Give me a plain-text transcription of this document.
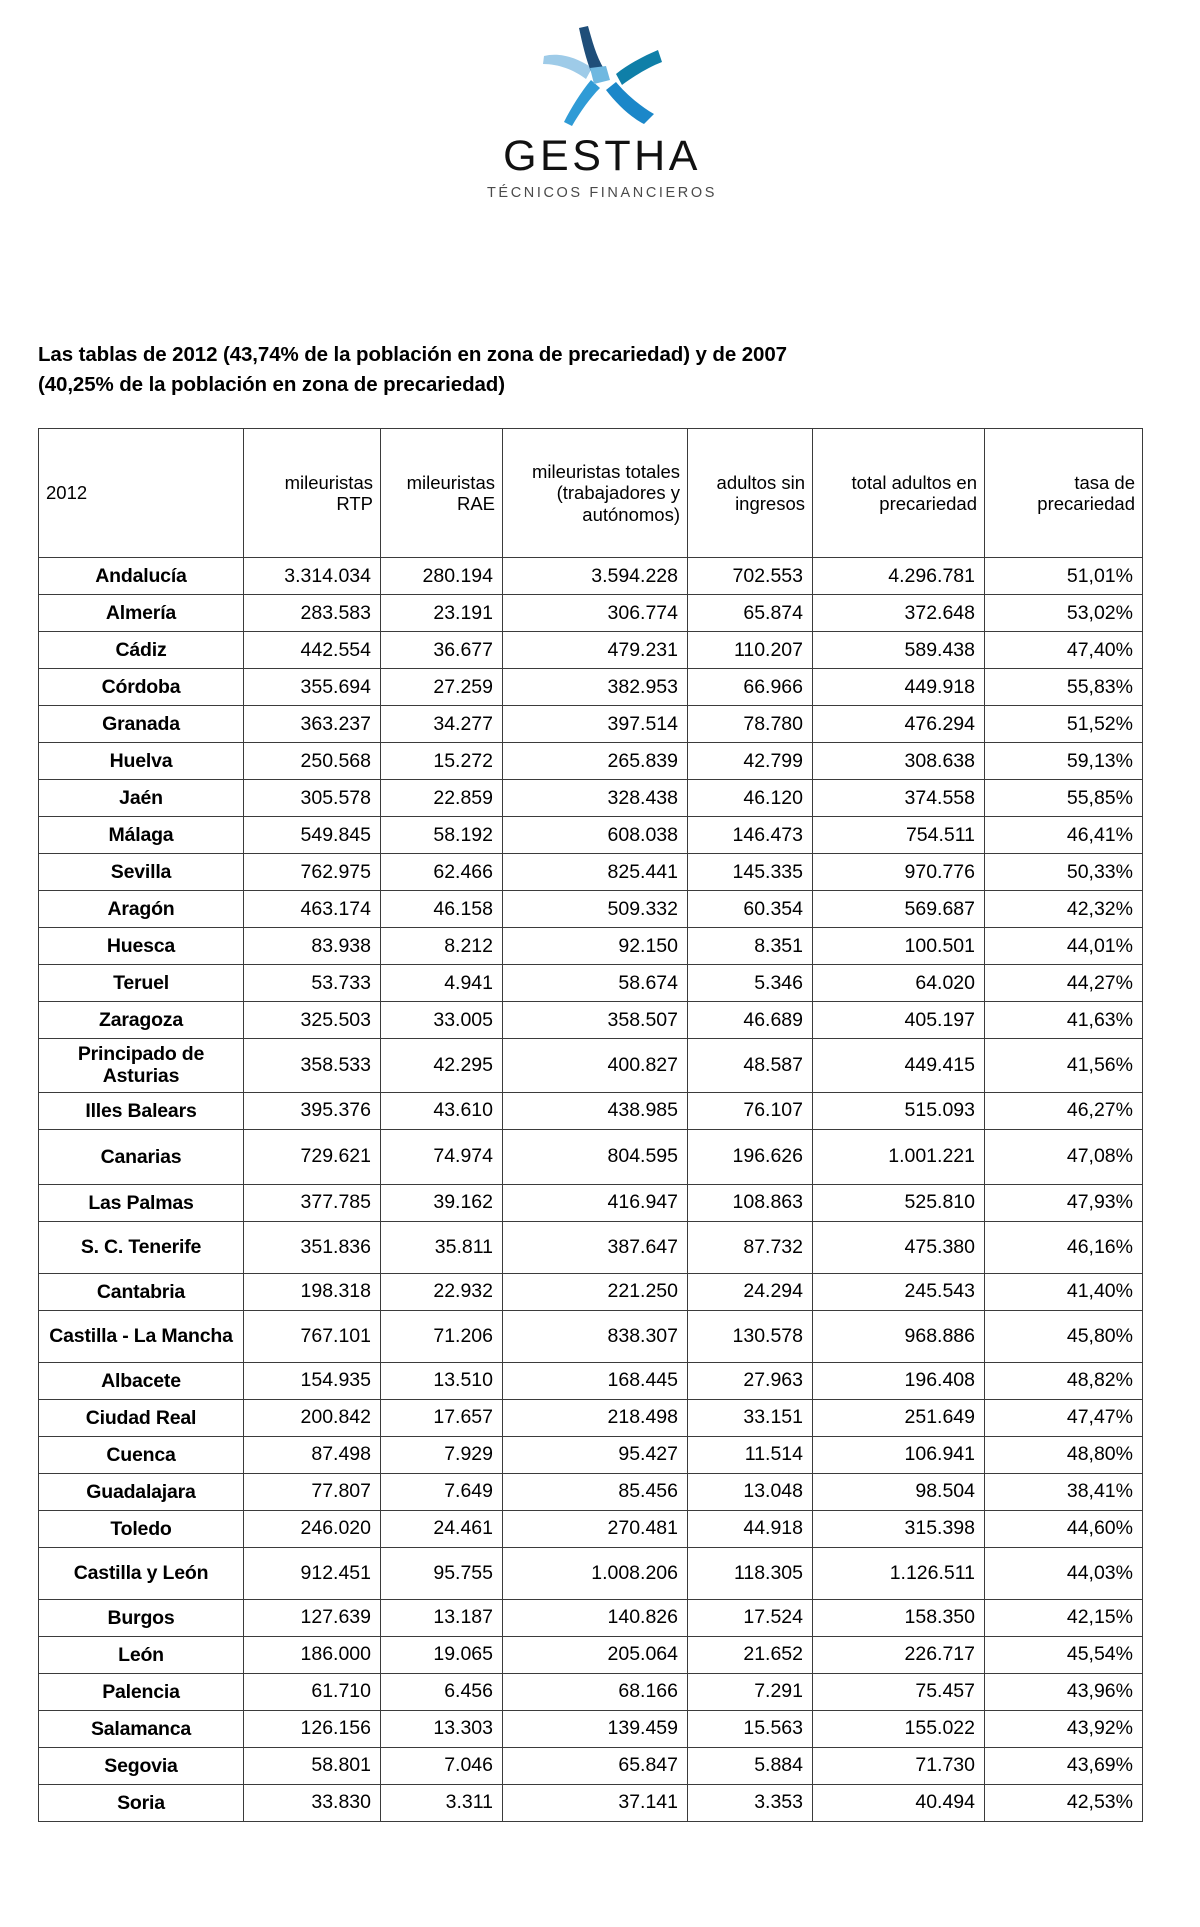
GESTHA
TÉCNICOS FINANCIEROS
Las tablas de 2012 (43,74% de la población en zona de precariedad) y de 2007
(40,25% de la población en zona de precariedad)
2012	mileuristas RTP	mileuristas RAE	mileuristas totales (trabajadores y autónomos)	adultos sin ingresos	total adultos en precariedad	tasa de precariedad
Andalucía	3.314.034	280.194	3.594.228	702.553	4.296.781	51,01%
Almería	283.583	23.191	306.774	65.874	372.648	53,02%
Cádiz	442.554	36.677	479.231	110.207	589.438	47,40%
Córdoba	355.694	27.259	382.953	66.966	449.918	55,83%
Granada	363.237	34.277	397.514	78.780	476.294	51,52%
Huelva	250.568	15.272	265.839	42.799	308.638	59,13%
Jaén	305.578	22.859	328.438	46.120	374.558	55,85%
Málaga	549.845	58.192	608.038	146.473	754.511	46,41%
Sevilla	762.975	62.466	825.441	145.335	970.776	50,33%
Aragón	463.174	46.158	509.332	60.354	569.687	42,32%
Huesca	83.938	8.212	92.150	8.351	100.501	44,01%
Teruel	53.733	4.941	58.674	5.346	64.020	44,27%
Zaragoza	325.503	33.005	358.507	46.689	405.197	41,63%
Principado de Asturias	358.533	42.295	400.827	48.587	449.415	41,56%
Illes Balears	395.376	43.610	438.985	76.107	515.093	46,27%
Canarias	729.621	74.974	804.595	196.626	1.001.221	47,08%
Las Palmas	377.785	39.162	416.947	108.863	525.810	47,93%
S. C. Tenerife	351.836	35.811	387.647	87.732	475.380	46,16%
Cantabria	198.318	22.932	221.250	24.294	245.543	41,40%
Castilla - La Mancha	767.101	71.206	838.307	130.578	968.886	45,80%
Albacete	154.935	13.510	168.445	27.963	196.408	48,82%
Ciudad Real	200.842	17.657	218.498	33.151	251.649	47,47%
Cuenca	87.498	7.929	95.427	11.514	106.941	48,80%
Guadalajara	77.807	7.649	85.456	13.048	98.504	38,41%
Toledo	246.020	24.461	270.481	44.918	315.398	44,60%
Castilla y León	912.451	95.755	1.008.206	118.305	1.126.511	44,03%
Burgos	127.639	13.187	140.826	17.524	158.350	42,15%
León	186.000	19.065	205.064	21.652	226.717	45,54%
Palencia	61.710	6.456	68.166	7.291	75.457	43,96%
Salamanca	126.156	13.303	139.459	15.563	155.022	43,92%
Segovia	58.801	7.046	65.847	5.884	71.730	43,69%
Soria	33.830	3.311	37.141	3.353	40.494	42,53%
